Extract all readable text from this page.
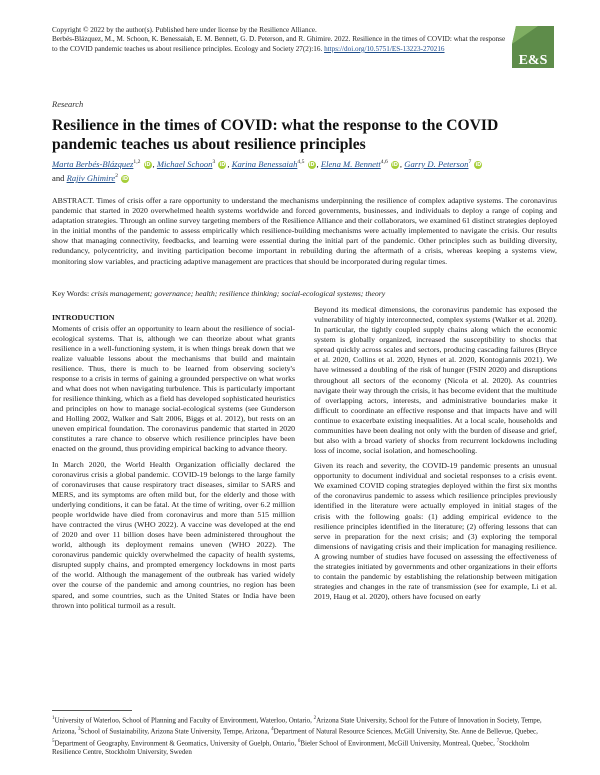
Copyright © 2022 by the author(s). Published here under license by the Resilience Alliance.
Berbés-Blázquez, M., M. Schoon, K. Benessaiah, E. M. Bennett, G. D. Peterson, and R. Ghimire. 2022. Resilience in the times of COVID: what the response to the COVID pandemic teaches us about resilience principles. Ecology and Society 27(2):16. https://doi.org/10.5751/ES-13223-270216
E&S
Research
Resilience in the times of COVID: what the response to the COVID pandemic teaches us about resilience principles
Marta Berbés-Blázquez$^{1,2}$ iD , Michael Schoon$^3$ iD , Karina Benessaiah$^{4,5}$ iD , Elena M. Bennett$^{4,6}$ iD , Garry D. Peterson$^7$ iD
and Rajiv Ghimire$^2$ iD

ABSTRACT. Times of crisis offer a rare opportunity to understand the mechanisms underpinning the resilience of complex adaptive systems. The coronavirus pandemic that started in 2020 overwhelmed health systems worldwide and forced governments, businesses, and individuals to deploy a range of coping and adaptation strategies. Through an online survey targeting members of the Resilience Alliance and their collaborators, we examined 61 distinct strategies deployed in the initial months of the pandemic to assess empirically which resilience-building mechanisms were actually implemented to navigate the crisis. Our results show that managing connectivity, feedbacks, and learning were essential during the initial part of the pandemic. Other principles such as building diversity, redundancy, polycentricity, and inviting participation become important in rebuilding during the aftermath of a crisis, whereas keeping a systems view, monitoring slow variables, and practicing adaptive management are practices that should be incorporated during regular times.

Key Words: crisis management; governance; health; resilience thinking; social-ecological systems; theory

INTRODUCTION

Moments of crisis offer an opportunity to learn about the resilience of social-ecological systems. That is, although we can theorize about what grants resilience in a well-functioning system, it is when things break down that we realize valuable lessons about the mechanisms that build and maintain resilience. Thus, there is much to be learned from observing society's response to a crisis in terms of gaining a grounded perspective on what works and what does not when navigating turbulence. This is particularly important for resilience thinking, which as a field has developed sophisticated heuristics and principles on how to manage social-ecological systems (see Gunderson and Holling 2002, Walker and Salt 2006, Biggs et al. 2012), but rests on an uneven empirical foundation. The coronavirus pandemic that started in 2020 constitutes a rare chance to observe which resilience principles have been enacted on the ground, thus providing empirical backing to advance theory.

In March 2020, the World Health Organization officially declared the coronavirus crisis a global pandemic. COVID-19 belongs to the large family of coronaviruses that cause respiratory tract diseases, similar to SARS and MERS, and its symptoms are often mild but, for the elderly and those with underlying conditions, it can be fatal. At the time of writing, over 6.2 million people worldwide have died from coronavirus and more than 515 million have contracted the virus (WHO 2022). A vaccine was developed at the end of 2020 and over 11 billion doses have been administered throughout the world, although its deployment remains uneven (WHO 2022). The coronavirus pandemic quickly overwhelmed the capacity of health systems, disrupted supply chains, and prompted emergency lockdowns in most parts of the world. Although the management of the outbreak has varied widely over the course of the pandemic and among countries, no region has been spared, and some countries, such as the United States or India have been thrown into political turmoil as a result.

Beyond its medical dimensions, the coronavirus pandemic has exposed the vulnerability of highly interconnected, complex systems (Walker et al. 2020). In particular, the tightly coupled supply chains along which the economic system is globally organized, increased the susceptibility to shocks that spread quickly across scales and sectors, producing cascading failures (Bryce et al. 2020, Collins et al. 2020, Hynes et al. 2020, Kontogiannis 2021). We have witnessed a doubling of the risk of hunger (FSIN 2020) and disruptions throughout all sectors of the economy (Nicola et al. 2020). As countries navigate their way through the crisis, it has become evident that the multitude of overlapping actors, interests, and administrative boundaries make it difficult to coordinate an effective response and that impacts have and will continue to exacerbate existing inequalities. At a local scale, households and communities have been dealing not only with the burden of disease and grief, but also with a broad variety of shocks from recurrent lockdowns including loss of income, social isolation, and homeschooling.

Given its reach and severity, the COVID-19 pandemic presents an unusual opportunity to document individual and societal responses to a crisis event. We examined COVID coping strategies deployed within the first six months of the coronavirus pandemic to assess which resilience principles previously identified in the literature were actually employed in initial stages of the crisis with the following goals: (1) adding empirical evidence to the resilience principles identified in the literature; (2) offering lessons that can serve in preparation for the next crisis; and (3) exploring the temporal dimensions of navigating crisis and their implication for managing resilience. A growing number of studies have focused on assessing the effectiveness of the strategies initiated by governments and other organizations in their efforts to contain the pandemic by establishing the relationship between mitigation strategies and changes in the rate of transmission (see for example, Li et al. 2019, Haug et al. 2020), others have focused on early

$^1$University of Waterloo, School of Planning and Faculty of Environment, Waterloo, Ontario, $^2$Arizona State University, School for the Future of Innovation in Society, Tempe, Arizona, $^3$School of Sustainability, Arizona State University, Tempe, Arizona, $^4$Department of Natural Resource Sciences, McGill University, Ste. Anne de Bellevue, Quebec, $^5$Department of Geography, Environment & Geomatics, University of Guelph, Ontario, $^6$Bieler School of Environment, McGill University, Montreal, Quebec, $^7$Stockholm Resilience Centre, Stockholm University, Sweden
